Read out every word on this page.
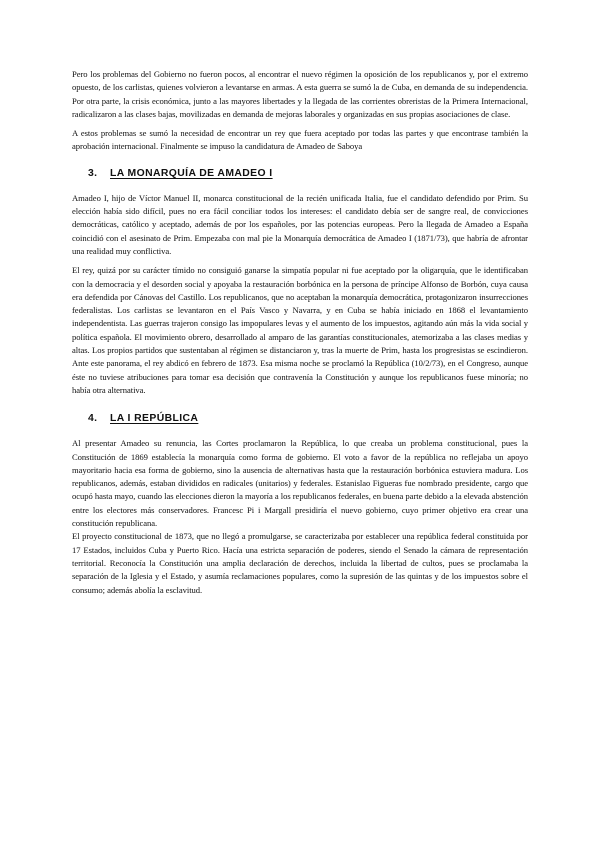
Pero los problemas del Gobierno no fueron pocos, al encontrar el nuevo régimen la oposición de los republicanos y, por el extremo opuesto, de los carlistas, quienes volvieron a levantarse en armas. A esta guerra se sumó la de Cuba, en demanda de su independencia. Por otra parte, la crisis económica, junto a las mayores libertades y la llegada de las corrientes obreristas de la Primera Internacional, radicalizaron a las clases bajas, movilizadas en demanda de mejoras laborales y organizadas en sus propias asociaciones de clase.

A estos problemas se sumó la necesidad de encontrar un rey que fuera aceptado por todas las partes y que encontrase también la aprobación internacional. Finalmente se impuso la candidatura de Amadeo de Saboya

3.	LA MONARQUÍA DE AMADEO I

Amadeo I, hijo de Víctor Manuel II, monarca constitucional de la recién unificada Italia, fue el candidato defendido por Prim. Su elección había sido difícil, pues no era fácil conciliar todos los intereses: el candidato debía ser de sangre real, de convicciones democráticas, católico y aceptado, además de por los españoles, por las potencias europeas. Pero la llegada de Amadeo a España coincidió con el asesinato de Prim. Empezaba con mal pie la Monarquía democrática de Amadeo I (1871/73), que habría de afrontar una realidad muy conflictiva.

El rey, quizá por su carácter tímido no consiguió ganarse la simpatía popular ni fue aceptado por la oligarquía, que le identificaban con la democracia y el desorden social y apoyaba la restauración borbónica en la persona de príncipe Alfonso de Borbón, cuya causa era defendida por Cánovas del Castillo. Los republicanos, que no aceptaban la monarquía democrática, protagonizaron insurrecciones federalistas. Los carlistas se levantaron en el País Vasco y Navarra, y en Cuba se había iniciado en 1868 el levantamiento independentista. Las guerras trajeron consigo las impopulares levas y el aumento de los impuestos, agitando aún más la vida social y política española. El movimiento obrero, desarrollado al amparo de las garantías constitucionales, atemorizaba a las clases medias y altas. Los propios partidos que sustentaban al régimen se distanciaron y, tras la muerte de Prim, hasta los progresistas se escindieron. Ante este panorama, el rey abdicó en febrero de 1873. Esa misma noche se proclamó la República (10/2/73), en el Congreso, aunque éste no tuviese atribuciones para tomar esa decisión que contravenía la Constitución y aunque los republicanos fuese minoría; no había otra alternativa.

4.	LA I REPÚBLICA

Al presentar Amadeo su renuncia, las Cortes proclamaron la República, lo que creaba un problema constitucional, pues la Constitución de 1869 establecía la monarquía como forma de gobierno. El voto a favor de la república no reflejaba un apoyo mayoritario hacia esa forma de gobierno, sino la ausencia de alternativas hasta que la restauración borbónica estuviera madura. Los republicanos, además, estaban divididos en radicales (unitarios) y federales. Estanislao Figueras fue nombrado presidente, cargo que ocupó hasta mayo, cuando las elecciones dieron la mayoría a los republicanos federales, en buena parte debido a la elevada abstención entre los electores más conservadores. Francesc Pi i Margall presidiría el nuevo gobierno, cuyo primer objetivo era crear una constitución republicana.

El proyecto constitucional de 1873, que no llegó a promulgarse, se caracterizaba por establecer una república federal constituida por 17 Estados, incluidos Cuba y Puerto Rico. Hacía una estricta separación de poderes, siendo el Senado la cámara de representación territorial. Reconocía la Constitución una amplia declaración de derechos, incluida la libertad de cultos, pues se proclamaba la separación de la Iglesia y el Estado, y asumía reclamaciones populares, como la supresión de las quintas y de los impuestos sobre el consumo; además abolía la esclavitud.
